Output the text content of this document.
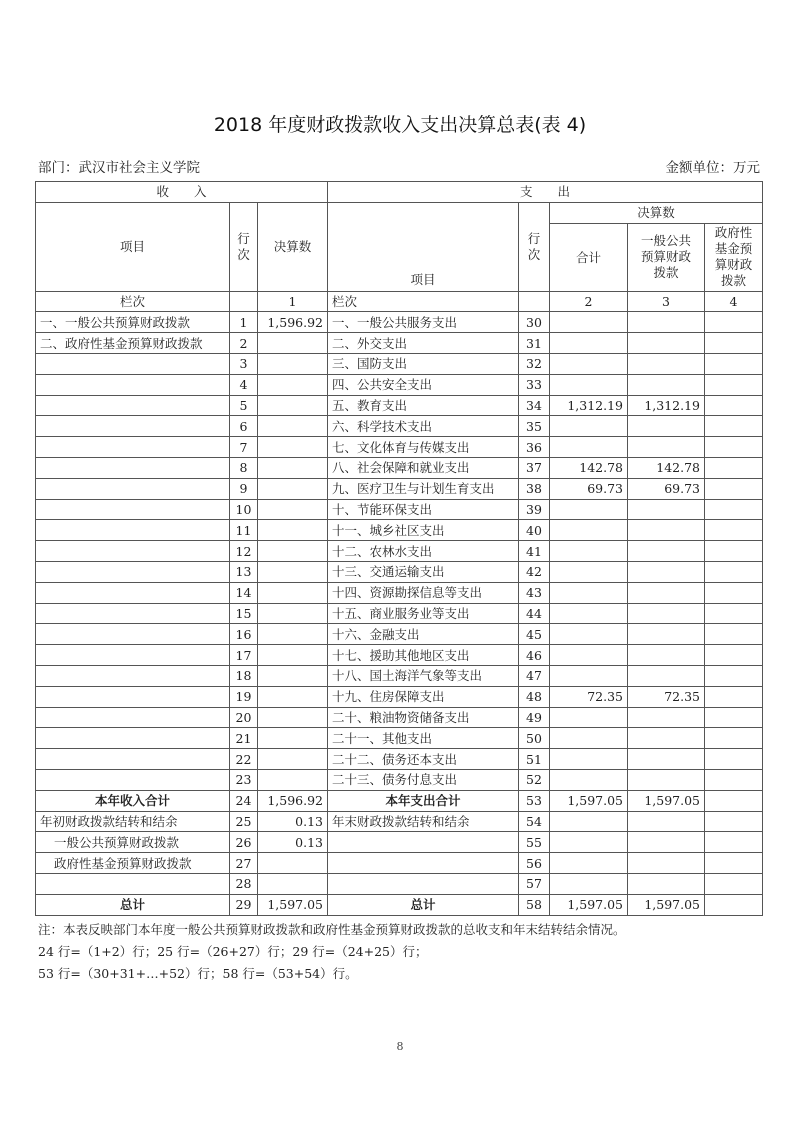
2018 年度财政拨款收入支出决算总表(表 4)
部门：武汉市社会主义学院	金额单位：万元
收　　入			支　　出				
项目	行次	决算数	项目	行次	决算数		
					合计	一般公共预算财政拨款	政府性基金预算财政拨款
栏次		1	栏次		2	3	4
一、一般公共预算财政拨款	1	1,596.92	一、一般公共服务支出	30			
二、政府性基金预算财政拨款	2		二、外交支出	31			
	3		三、国防支出	32			
	4		四、公共安全支出	33			
	5		五、教育支出	34	1,312.19	1,312.19	
	6		六、科学技术支出	35			
	7		七、文化体育与传媒支出	36			
	8		八、社会保障和就业支出	37	142.78	142.78	
	9		九、医疗卫生与计划生育支出	38	69.73	69.73	
	10		十、节能环保支出	39			
	11		十一、城乡社区支出	40			
	12		十二、农林水支出	41			
	13		十三、交通运输支出	42			
	14		十四、资源勘探信息等支出	43			
	15		十五、商业服务业等支出	44			
	16		十六、金融支出	45			
	17		十七、援助其他地区支出	46			
	18		十八、国土海洋气象等支出	47			
	19		十九、住房保障支出	48	72.35	72.35	
	20		二十、粮油物资储备支出	49			
	21		二十一、其他支出	50			
	22		二十二、债务还本支出	51			
	23		二十三、债务付息支出	52			
本年收入合计	24	1,596.92	本年支出合计	53	1,597.05	1,597.05	
年初财政拨款结转和结余	25	0.13	年末财政拨款结转和结余	54			
一般公共预算财政拨款	26	0.13		55			
政府性基金预算财政拨款	27			56			
	28			57			
总计	29	1,597.05	总计	58	1,597.05	1,597.05	
注：本表反映部门本年度一般公共预算财政拨款和政府性基金预算财政拨款的总收支和年末结转结余情况。
24 行=（1+2）行；25 行=（26+27）行；29 行=（24+25）行；
53 行=（30+31+…+52）行；58 行=（53+54）行。
8
